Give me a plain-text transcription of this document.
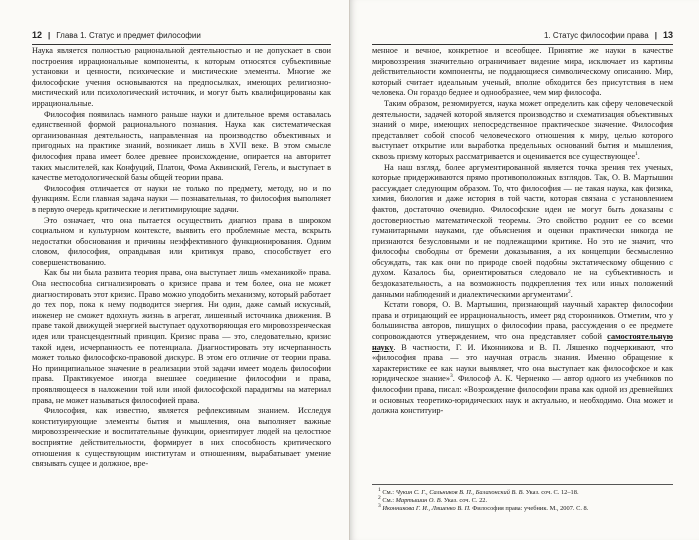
12 | Глава 1. Статус и предмет философии

Наука является полностью рациональной деятельностью и не допускает в свои построения иррациональные компоненты, к которым относятся субъективные установки и ценности, психические и мистические элементы. Многие же философские учения основываются на предпосылках, имеющих религиозно-мистический или психологический источник, и могут быть квалифицированы как иррациональные.

Философия появилась намного раньше науки и длительное время оставалась единственной формой рационального познания. Наука как систематическая организованная деятельность, направленная на производство объективных и пригодных на практике знаний, возникает лишь в XVII веке. В этом смысле философия права имеет более древнее происхождение, опирается на авторитет таких мыслителей, как Конфуций, Платон, Фома Аквинский, Гегель, и выступает в качестве методологической базы общей теории права.

Философия отличается от науки не только по предмету, методу, но и по функциям. Если главная задача науки — познавательная, то философия выполняет в первую очередь критические и легитимирующие задачи.

Это означает, что она пытается осуществить диагноз права в широком социальном и культурном контексте, выявить его проблемные места, вскрыть недостатки обоснования и причины неэффективного функционирования. Одним словом, философия, оправдывая или критикуя право, способствует его совершенствованию.

Как бы ни была развита теория права, она выступает лишь «механикой» права. Она неспособна сигнализировать о кризисе права и тем более, она не может диагностировать этот кризис. Право можно уподобить механизму, который работает до тех пор, пока к нему подводится энергия. Ни один, даже самый искусный, инженер не сможет вдохнуть жизнь в агрегат, лишенный источника движения. В праве такой движущей энергией выступает одухотворяющая его мировоззренческая идея или трансцендентный принцип. Кризис права — это, следовательно, кризис такой идеи, исчерпанность ее потенциала. Диагностировать эту исчерпанность может только философско-правовой дискурс. В этом его отличие от теории права. Но принципиальное значение в реализации этой задачи имеет модель философии права. Практикуемое иногда внешнее соединение философии и права, проявляющееся в наложении той или иной философской парадигмы на материал права, не может называться философией права.

Философия, как известно, является рефлексивным знанием. Исследуя конституирующие элементы бытия и мышления, она выполняет важные мировоззренческие и воспитательные функции, ориентирует людей на целостное восприятие действительности, формирует в них способность критического отношения к существующим институтам и отношениям, вырабатывает умение связывать сущее и должное, вре-

1. Статус философии права | 13

менное и вечное, конкретное и всеобщее. Принятие же науки в качестве мировоззрения значительно ограничивает видение мира, исключает из картины действительности компоненты, не поддающиеся символическому описанию. Мир, который считает идеальным ученый, вполне обходится без присутствия в нем человека. Он гораздо беднее и однообразнее, чем мир философа.

Таким образом, резюмируется, наука может определить как сферу человеческой деятельности, задачей которой является производство и схематизация объективных знаний о мире, имеющих непосредственное практическое значение. Философия представляет собой способ человеческого отношения к миру, целью которого выступает открытие или выработка предельных оснований бытия и мышления, сквозь призму которых рассматривается и оценивается все существующее$^1$.

На наш взгляд, более аргументированной является точка зрения тех ученых, которые придерживаются прямо противоположных взглядов. Так, О. В. Мартышин рассуждает следующим образом. То, что философия — не такая наука, как физика, химия, биология и даже история в той части, которая связана с установлением фактов, достаточно очевидно. Философские идеи не могут быть доказаны с достоверностью математической теоремы. Это свойство роднит ее со всеми гуманитарными науками, где объяснения и оценки практически никогда не признаются безусловными и не подлежащими критике. Но это не значит, что философы свободны от бремени доказывания, а их концепции бесмысленно обсуждать, так как они по природе своей подобны экстатическому общению с духом. Казалось бы, ориентироваться следовало не на субъективность и бездоказательность, а на возможность подкрепления тех или иных положений данными наблюдений и диалектическими аргументами$^2$.

Кстати говоря, О. В. Мартышин, признающий научный характер философии права и отрицающий ее иррациональность, имеет ряд сторонников. Отметим, что у большинства авторов, пишущих о философии права, рассуждения о ее предмете сопровождаются утверждением, что она представляет собой самостоятельную науку. В частности, Г. И. Иконникова и В. П. Ляшенко подчеркивают, что «философия права — это научная отрасль знания. Именно обращение к характеристике ее как науки выявляет, что она выступает как философское и как юридическое знание»$^3$. Философ А. К. Черненко — автор одного из учебников по философии права, писал: «Возрождение философии права как одной из древнейших и основных теоретико-юридических наук и актуально, и необходимо. Она может и должна конституир-

$^1$ См.: Чукин С. Г., Сальников В. П., Балахонский В. В. Указ. соч. С. 12–18.
$^2$ См.: Мартышин О. В. Указ. соч. С. 22.
$^3$ Иконникова Г. И., Ляшенко В. П. Философия права: учебник. М., 2007. С. 8.
